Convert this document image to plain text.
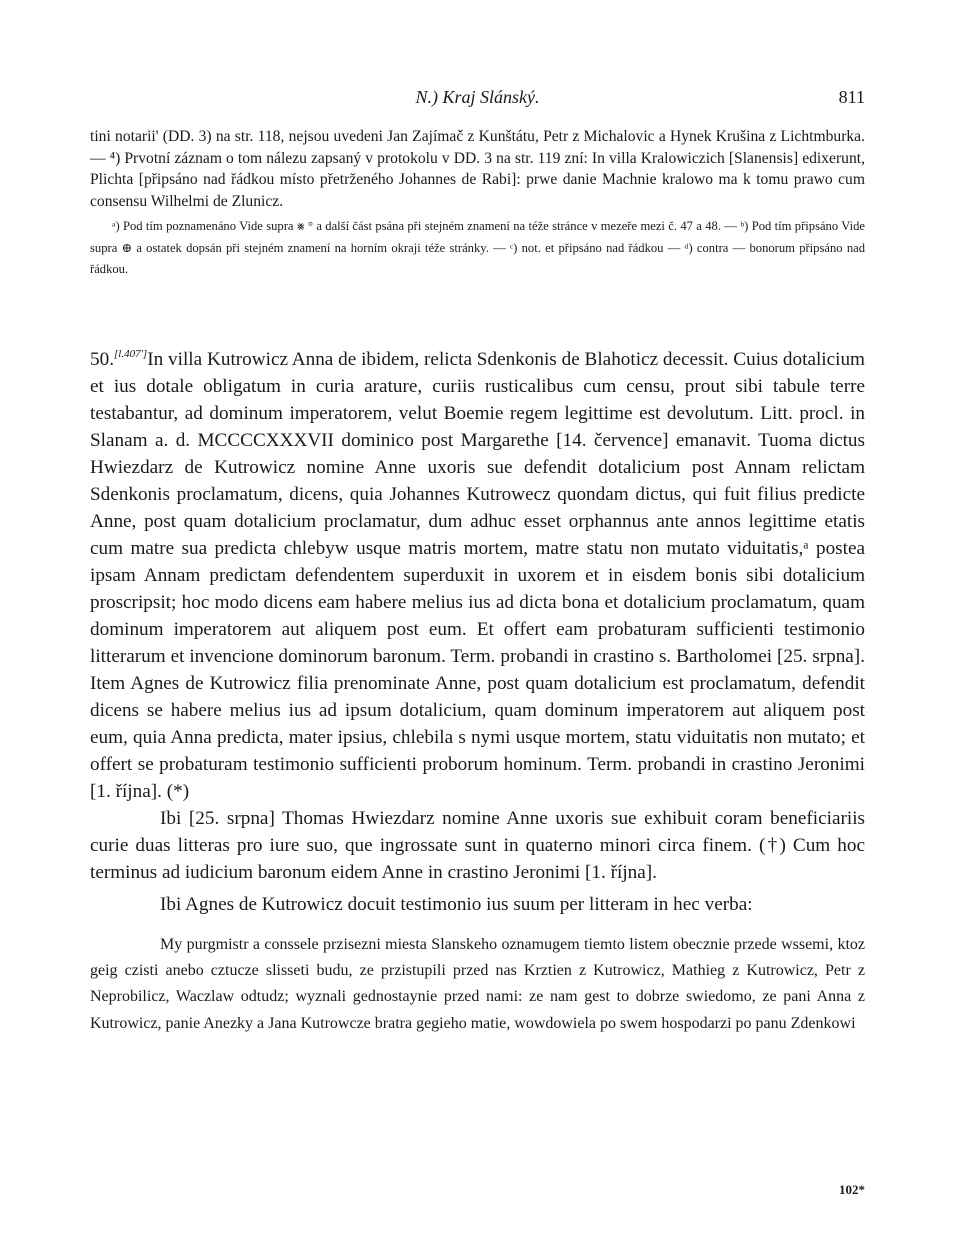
N.) Kraj Slánský.	811

tini notarii' (DD. 3) na str. 118, nejsou uvedeni Jan Zajímač z Kunštátu, Petr z Michalovic a Hynek Krušina z Lichtmburka. — ⁴) Prvotní záznam o tom nálezu zapsaný v protokolu v DD. 3 na str. 119 zní: In villa Kralowiczich [Slanensis] edixerunt, Plichta [připsáno nad řádkou místo přetrženého Johannes de Rabi]: prwe danie Machnie kralowo ma k tomu prawo cum consensu Wilhelmi de Zlunicz.

ᵃ) Pod tím poznamenáno Vide supra ⨳ ° a další část psána při stejném znamení na téže stránce v mezeře mezi č. 47 a 48. — ᵇ) Pod tím připsáno Vide supra ⊕ a ostatek dopsán při stejném znamení na horním okraji téže stránky. — ᶜ) not. et připsáno nad řádkou — ᵈ) contra — bonorum připsáno nad řádkou.

50.[l.407']In villa Kutrowicz Anna de ibidem, relicta Sdenkonis de Blahoticz decessit. Cuius dotalicium et ius dotale obligatum in curia arature, curiis rusticalibus cum censu, prout sibi tabule terre testabantur, ad dominum imperatorem, velut Boemie regem legittime est devolutum. Litt. procl. in Slanam a. d. MCCCCXXXVII dominico post Margarethe [14. července] emanavit. Tuoma dictus Hwiezdarz de Kutrowicz nomine Anne uxoris sue defendit dotalicium post Annam relictam Sdenkonis proclamatum, dicens, quia Johannes Kutrowecz quondam dictus, qui fuit filius predicte Anne, post quam dotalicium proclamatur, dum adhuc esset orphannus ante annos legittime etatis cum matre sua predicta chlebyw usque matris mortem, matre statu non mutato viduitatis,ᵃ postea ipsam Annam predictam defendentem superduxit in uxorem et in eisdem bonis sibi dotalicium proscripsit; hoc modo dicens eam habere melius ius ad dicta bona et dotalicium proclamatum, quam dominum imperatorem aut aliquem post eum. Et offert eam probaturam sufficienti testimonio litterarum et invencione dominorum baronum. Term. probandi in crastino s. Bartholomei [25. srpna]. Item Agnes de Kutrowicz filia prenominate Anne, post quam dotalicium est proclamatum, defendit dicens se habere melius ius ad ipsum dotalicium, quam dominum imperatorem aut aliquem post eum, quia Anna predicta, mater ipsius, chlebila s nymi usque mortem, statu viduitatis non mutato; et offert se probaturam testimonio sufficienti proborum hominum. Term. probandi in crastino Jeronimi [1. října]. (*)

Ibi [25. srpna] Thomas Hwiezdarz nomine Anne uxoris sue exhibuit coram beneficiariis curie duas litteras pro iure suo, que ingrossate sunt in quaterno minori circa finem. (†) Cum hoc terminus ad iudicium baronum eidem Anne in crastino Jeronimi [1. října].

Ibi Agnes de Kutrowicz docuit testimonio ius suum per litteram in hec verba:

My purgmistr a conssele przisezni miesta Slanskeho oznamugem tiemto listem obecznie przede wssemi, ktoz geig czisti anebo cztucze slisseti budu, ze przistupili przed nas Krztien z Kutrowicz, Mathieg z Kutrowicz, Petr z Neprobilicz, Waczlaw odtudz; wyznali gednostaynie przed nami: ze nam gest to dobrze swiedomo, ze pani Anna z Kutrowicz, panie Anezky a Jana Kutrowcze bratra gegieho matie, wowdowiela po swem hospodarzi po panu Zdenkowi

102*
